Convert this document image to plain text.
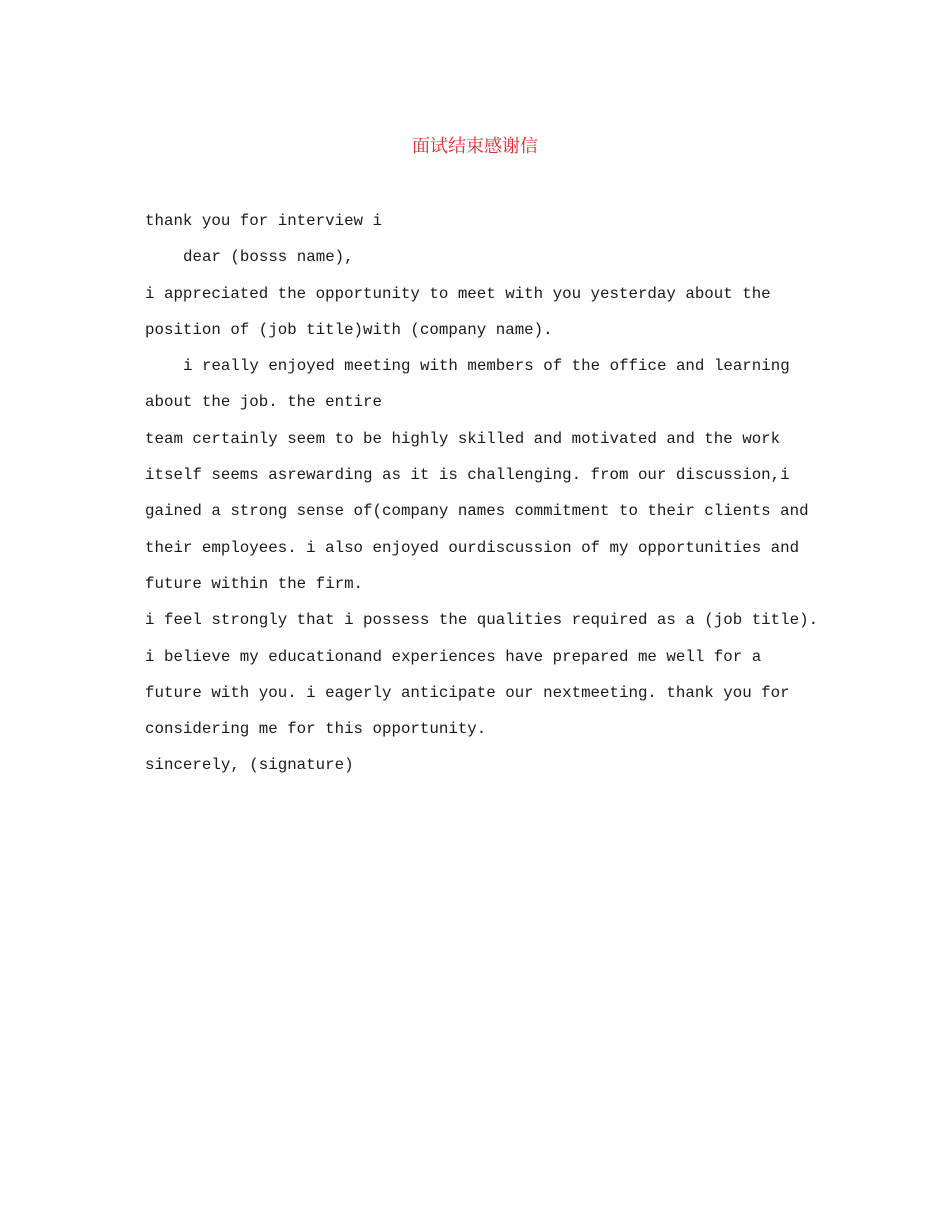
面试结束感谢信
thank you for interview i
dear (bosss name),
i appreciated the opportunity to meet with you yesterday about the
position of (job title)with (company name).
i really enjoyed meeting with members of the office and learning
about the job. the entire
team certainly seem to be highly skilled and motivated and the work
itself seems asrewarding as it is challenging. from our discussion,i
gained a strong sense of(company names commitment to their clients and
their employees. i also enjoyed ourdiscussion of my opportunities and
future within the firm.
i feel strongly that i possess the qualities required as a (job title).
i believe my educationand experiences have prepared me well for a
future with you. i eagerly anticipate our nextmeeting. thank you for
considering me for this opportunity.
sincerely, (signature)
